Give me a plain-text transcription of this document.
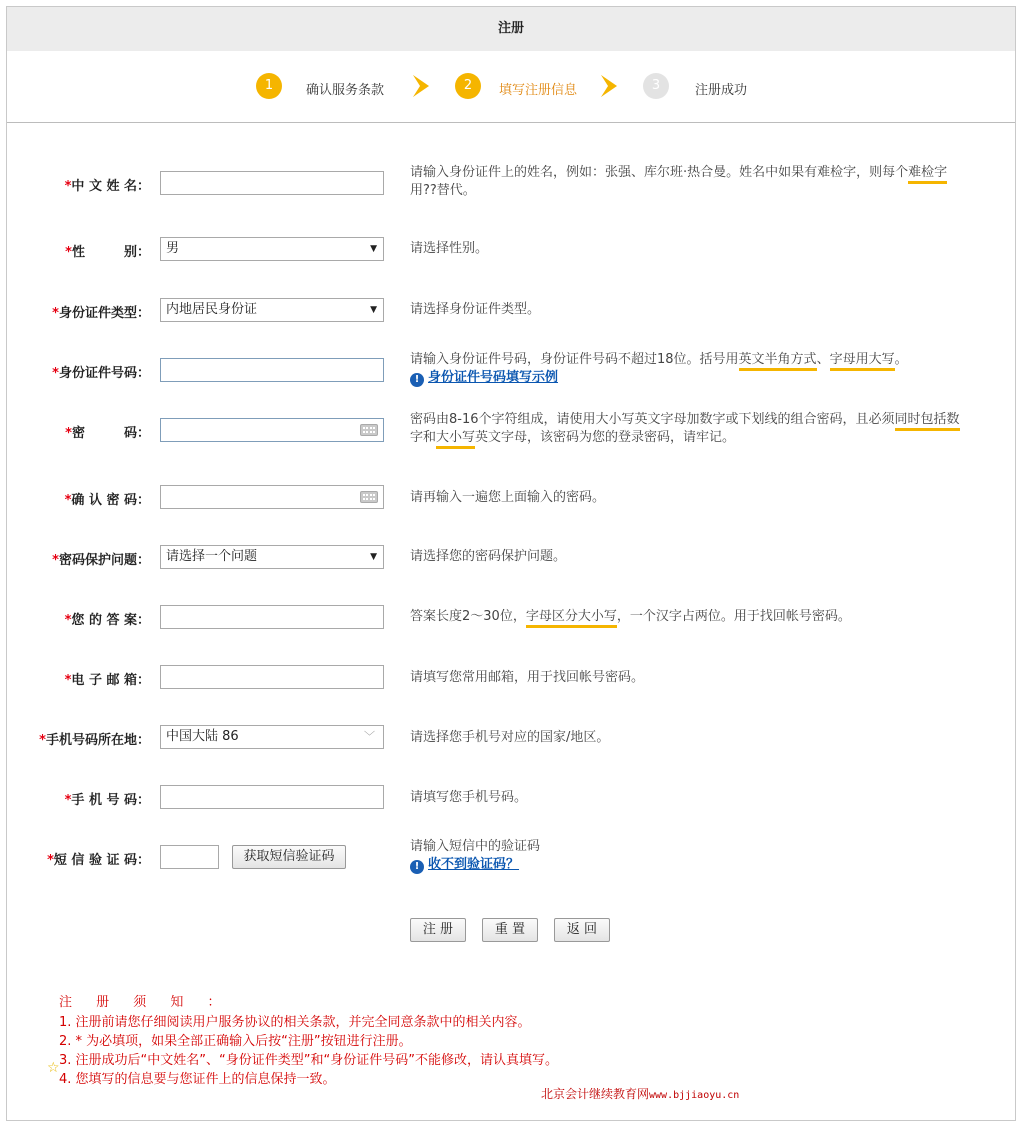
注册
1	确认服务条款	2	填写注册信息	3	注册成功
*中 文 姓 名：
请输入身份证件上的姓名，例如：张强、库尔班·热合曼。姓名中如果有难检字，则每个难检字
用??替代。
*性　　　别：	男	▼	请选择性别。
*身份证件类型：	内地居民身份证	▼	请选择身份证件类型。
*身份证件号码：
请输入身份证件号码，身份证件号码不超过18位。括号用英文半角方式、字母用大写。
! 身份证件号码填写示例
*密　　　码：
密码由8-16个字符组成，请使用大小写英文字母加数字或下划线的组合密码，且必须同时包括数
字和大小写英文字母，该密码为您的登录密码，请牢记。
*确 认 密 码：	请再输入一遍您上面输入的密码。
*密码保护问题：	请选择一个问题	▼	请选择您的密码保护问题。
*您 的 答 案：	答案长度2～30位，字母区分大小写，一个汉字占两位。用于找回帐号密码。
*电 子 邮 箱：	请填写您常用邮箱，用于找回帐号密码。
*手机号码所在地：	中国大陆 86	﹀	请选择您手机号对应的国家/地区。
*手 机 号 码：	请填写您手机号码。
*短 信 验 证 码：	获取短信验证码
请输入短信中的验证码
! 收不到验证码？
注 册	重 置	返 回
注 册 须 知 ：
1. 注册前请您仔细阅读用户服务协议的相关条款，并完全同意条款中的相关内容。
2. * 为必填项，如果全部正确输入后按“注册”按钮进行注册。
3. 注册成功后“中文姓名”、“身份证件类型”和“身份证件号码”不能修改，请认真填写。
4. 您填写的信息要与您证件上的信息保持一致。
☆
北京会计继续教育网www.bjjiaoyu.cn
